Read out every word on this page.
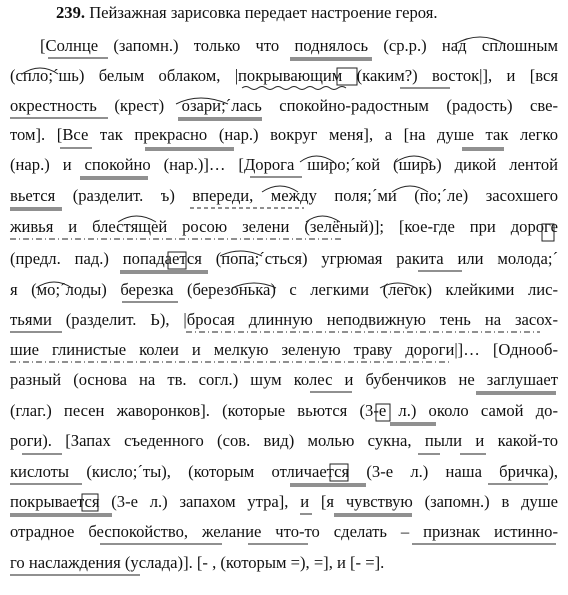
239. Пейзажная зарисовка передает настроение героя.
[Солнце (запомн.) только что поднялось (ср.р.) над сплошным
(спло;´шь) белым облаком, |покрывающим (каким?) восток|], и [вся
окрестность (крест) озари;´лась спокойно-радостным (радость) све-
том]. [Все так прекрасно (нар.) вокруг меня], а [на душе так легко
(нар.) и спокойно (нар.)]… [Дорога широ;´кой (ширь) дикой лентой
вьется (разделит. ъ) впереди, между поля;´ми (по;´ле) засохшего
живья и блестящей росою зелени (зелёный)]; [кое-где при дороге
(предл. пад.) попадается (попа;´сться) угрюмая ракита или молода;´
я (мо;´лоды) березка (березонька) с легкими (легок) клейкими лис-
тьями (разделит. Ь), |бросая длинную неподвижную тень на засох-
шие глинистые колеи и мелкую зеленую траву дороги|]… [Однооб-
разный (основа на тв. согл.) шум колес и бубенчиков не заглушает
(глаг.) песен жаворонков]. (которые вьются (3-е л.) около самой до-
роги). [Запах съеденного (сов. вид) молью сукна, пыли и какой-то
кислоты (кисло;´ты), (которым отличается (3-е л.) наша бричка),
покрывается (3-е л.) запахом утра], и [я чувствую (запомн.) в душе
отрадное беспокойство, желание что-то сделать – признак истинно-
го наслаждения (услада)]. [- , (которым =), =], и [- =].
